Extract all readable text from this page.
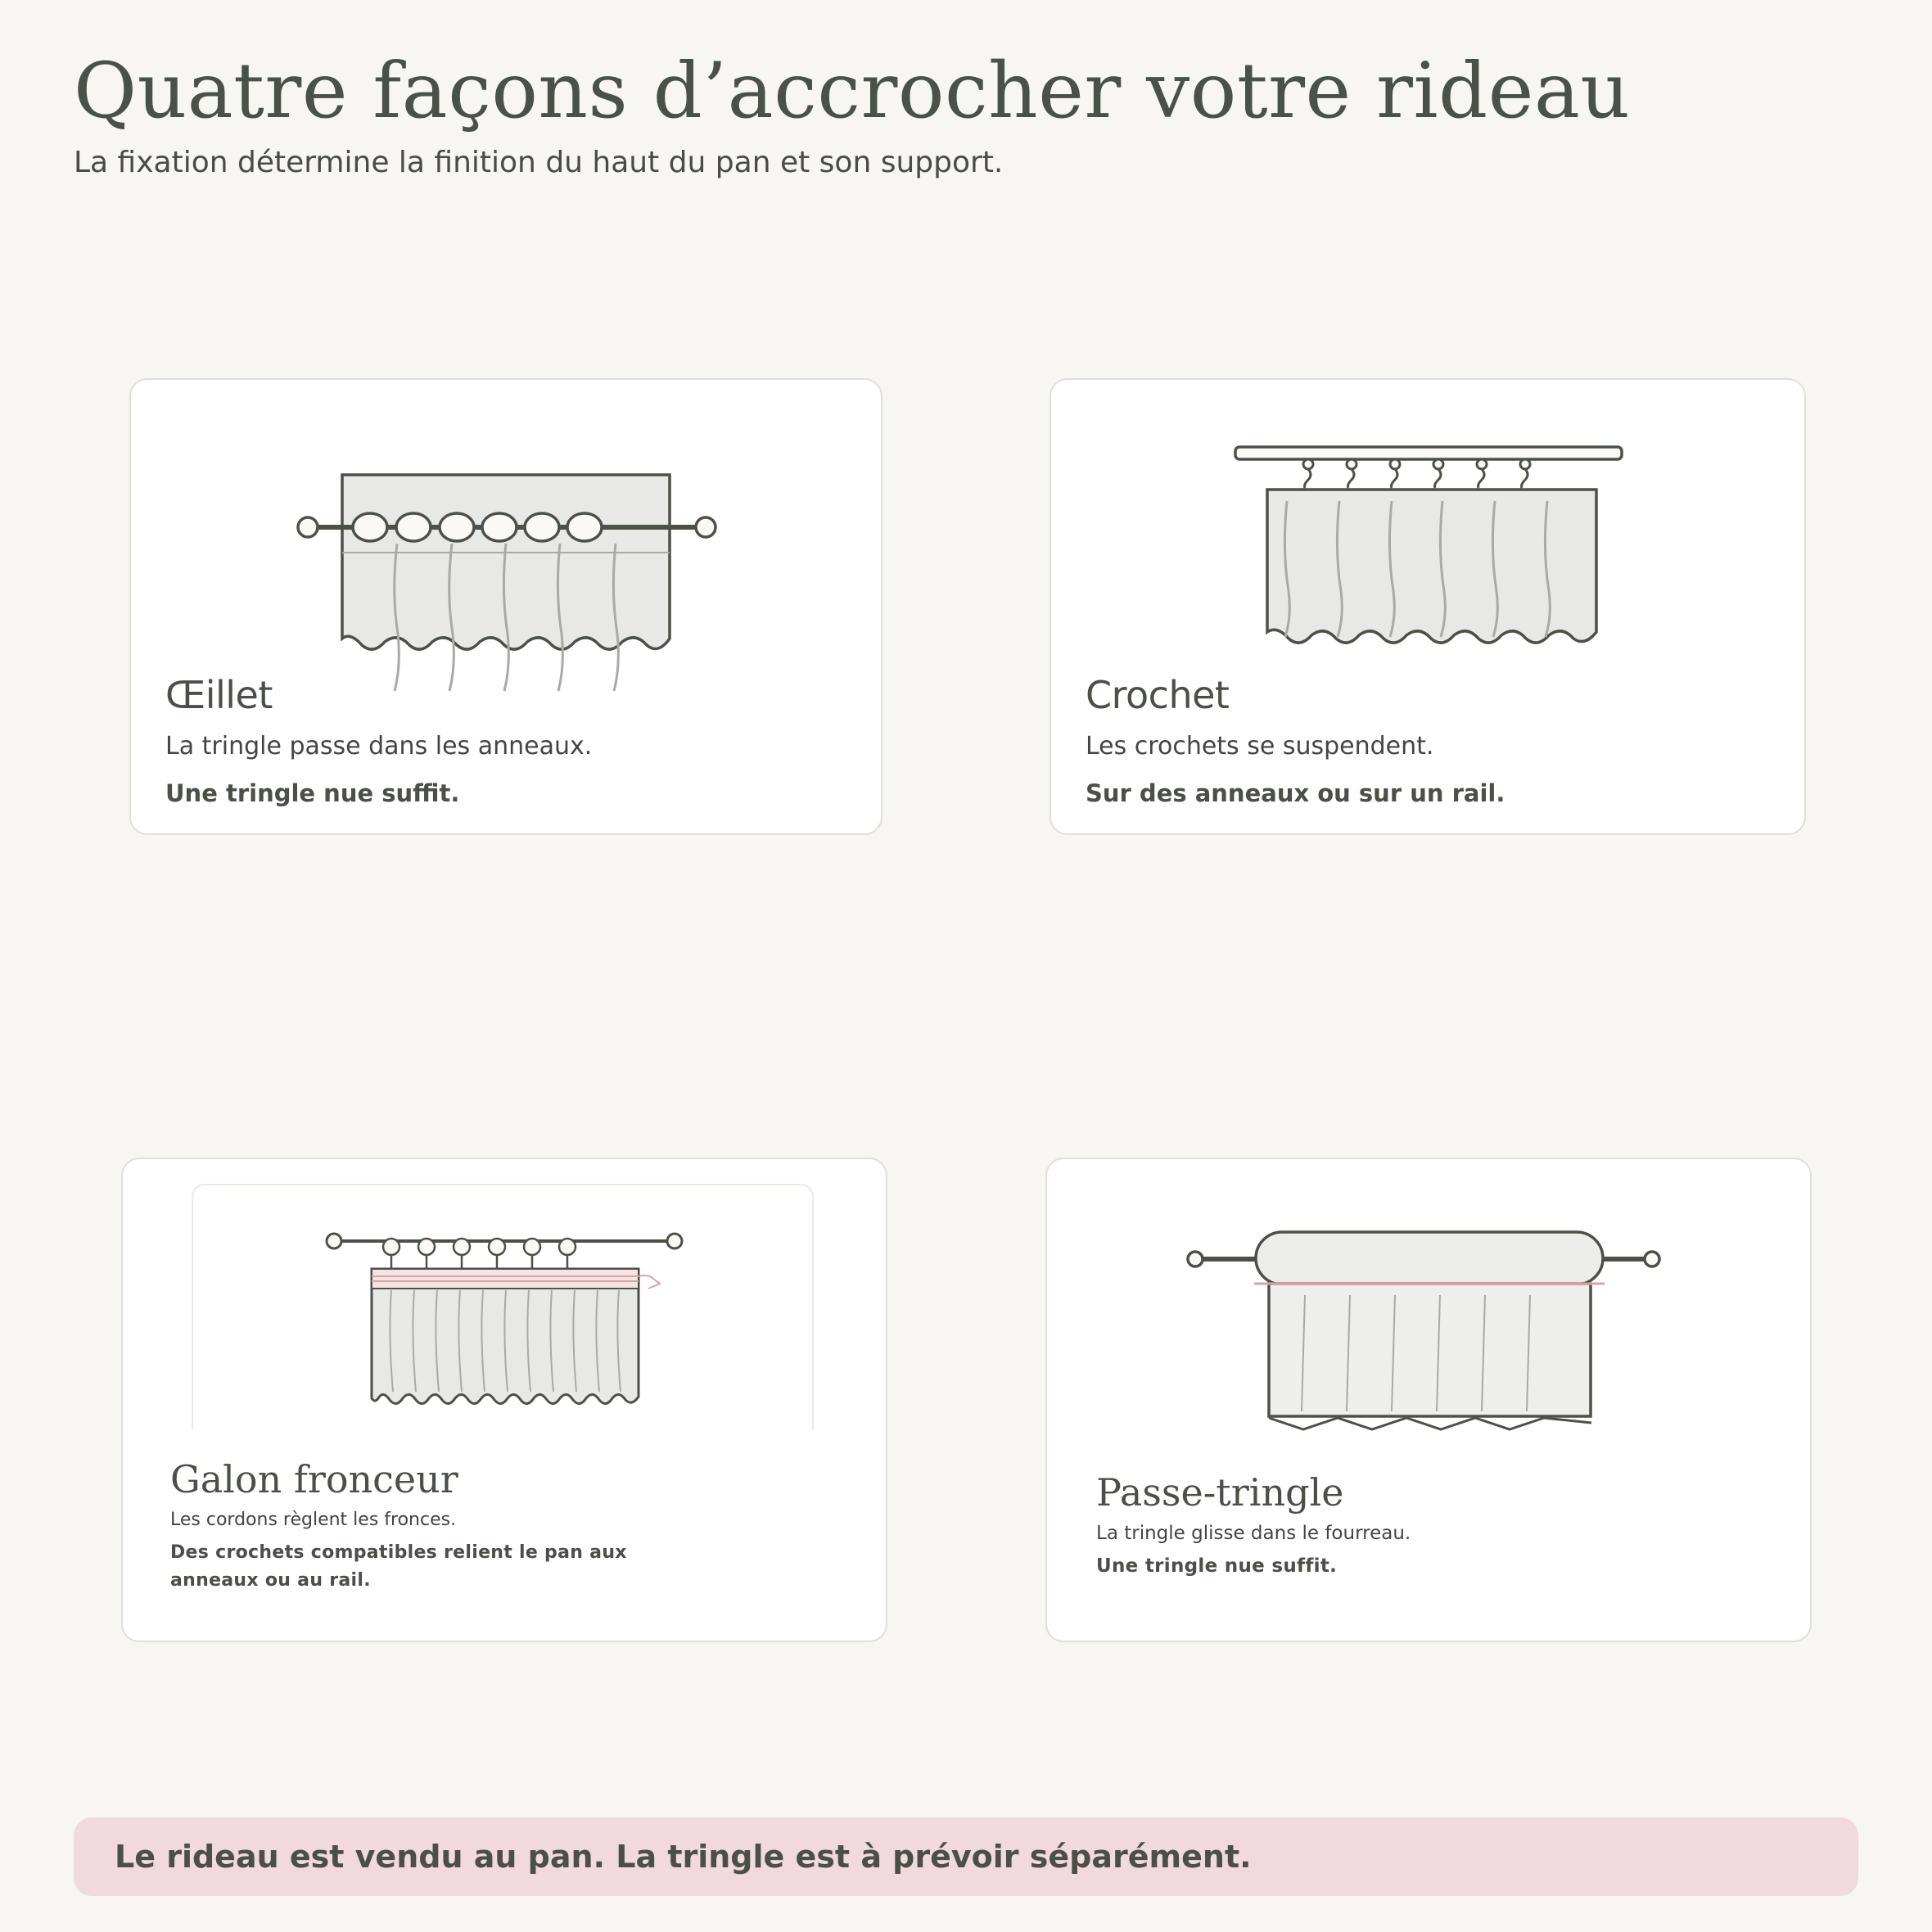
Quatre façons d’accrocher votre rideau

La fixation détermine la finition du haut du pan et son support.

Œillet

La tringle passe dans les anneaux.

Une tringle nue suffit.

Crochet

Les crochets se suspendent.

Sur des anneaux ou sur un rail.

Galon fronceur

Les cordons règlent les fronces.

Des crochets compatibles relient le pan aux anneaux ou au rail.

Passe-tringle

La tringle glisse dans le fourreau.

Une tringle nue suffit.

Le rideau est vendu au pan. La tringle est à prévoir séparément.
